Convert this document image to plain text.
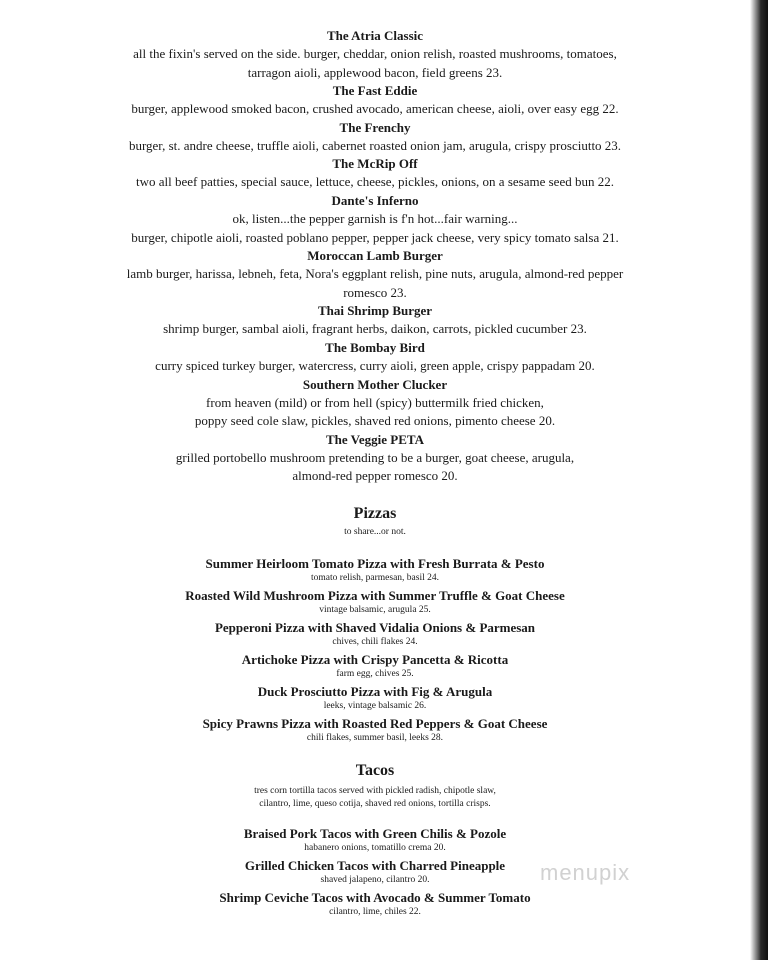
The Atria Classic
all the fixin's served on the side. burger, cheddar, onion relish, roasted mushrooms, tomatoes,
tarragon aioli, applewood bacon, field greens 23.
The Fast Eddie
burger, applewood smoked bacon, crushed avocado, american cheese, aioli, over easy egg 22.
The Frenchy
burger, st. andre cheese, truffle aioli, cabernet roasted onion jam, arugula, crispy prosciutto 23.
The McRip Off
two all beef patties, special sauce, lettuce, cheese, pickles, onions, on a sesame seed bun 22.
Dante's Inferno
ok, listen...the pepper garnish is f'n hot...fair warning...
burger, chipotle aioli, roasted poblano pepper, pepper jack cheese, very spicy tomato salsa 21.
Moroccan Lamb Burger
lamb burger, harissa, lebneh, feta, Nora's eggplant relish, pine nuts, arugula, almond-red pepper
romesco 23.
Thai Shrimp Burger
shrimp burger, sambal aioli, fragrant herbs, daikon, carrots, pickled cucumber 23.
The Bombay Bird
curry spiced turkey burger, watercress, curry aioli, green apple, crispy pappadam 20.
Southern Mother Clucker
from heaven (mild) or from hell (spicy) buttermilk fried chicken,
poppy seed cole slaw, pickles, shaved red onions, pimento cheese 20.
The Veggie PETA
grilled portobello mushroom pretending to be a burger, goat cheese, arugula,
almond-red pepper romesco 20.
Pizzas
to share...or not.
Summer Heirloom Tomato Pizza with Fresh Burrata & Pesto
tomato relish, parmesan, basil 24.
Roasted Wild Mushroom Pizza with Summer Truffle & Goat Cheese
vintage balsamic, arugula 25.
Pepperoni Pizza with Shaved Vidalia Onions & Parmesan
chives, chili flakes 24.
Artichoke Pizza with Crispy Pancetta & Ricotta
farm egg, chives 25.
Duck Prosciutto Pizza with Fig & Arugula
leeks, vintage balsamic 26.
Spicy Prawns Pizza with Roasted Red Peppers & Goat Cheese
chili flakes, summer basil, leeks 28.
Tacos
tres corn tortilla tacos served with pickled radish, chipotle slaw,
cilantro, lime, queso cotija, shaved red onions, tortilla crisps.
Braised Pork Tacos with Green Chilis & Pozole
habanero onions, tomatillo crema 20.
Grilled Chicken Tacos with Charred Pineapple
shaved jalapeno, cilantro 20.
Shrimp Ceviche Tacos with Avocado & Summer Tomato
cilantro, lime, chiles 22.
menupix
